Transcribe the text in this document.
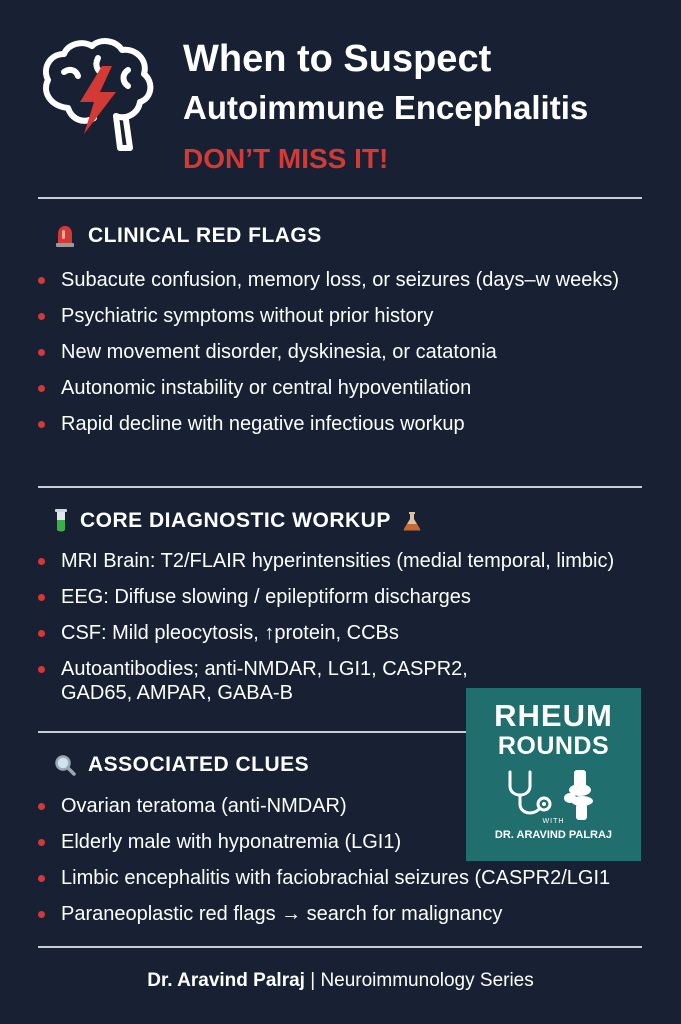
When to Suspect
Autoimmune Encephalitis
DON’T MISS IT!
CLINICAL RED FLAGS
Subacute confusion, memory loss, or seizures (days–w weeks)
Psychiatric symptoms without prior history
New movement disorder, dyskinesia, or catatonia
Autonomic instability or central hypoventilation
Rapid decline with negative infectious workup
CORE DIAGNOSTIC WORKUP
MRI Brain: T2/FLAIR hyperintensities (medial temporal, limbic)
EEG: Diffuse slowing / epileptiform discharges
CSF: Mild pleocytosis, ↑protein, CCBs
Autoantibodies; anti-NMDAR, LGI1, CASPR2, GAD65, AMPAR, GABA-B
ASSOCIATED CLUES
Ovarian teratoma (anti-NMDAR)
Elderly male with hyponatremia (LGI1)
Limbic encephalitis with faciobrachial seizures (CASPR2/LGI1
Paraneoplastic red flags → search for malignancy
RHEUM
ROUNDS
WITH
DR. ARAVIND PALRAJ
Dr. Aravind Palraj | Neuroimmunology Series
